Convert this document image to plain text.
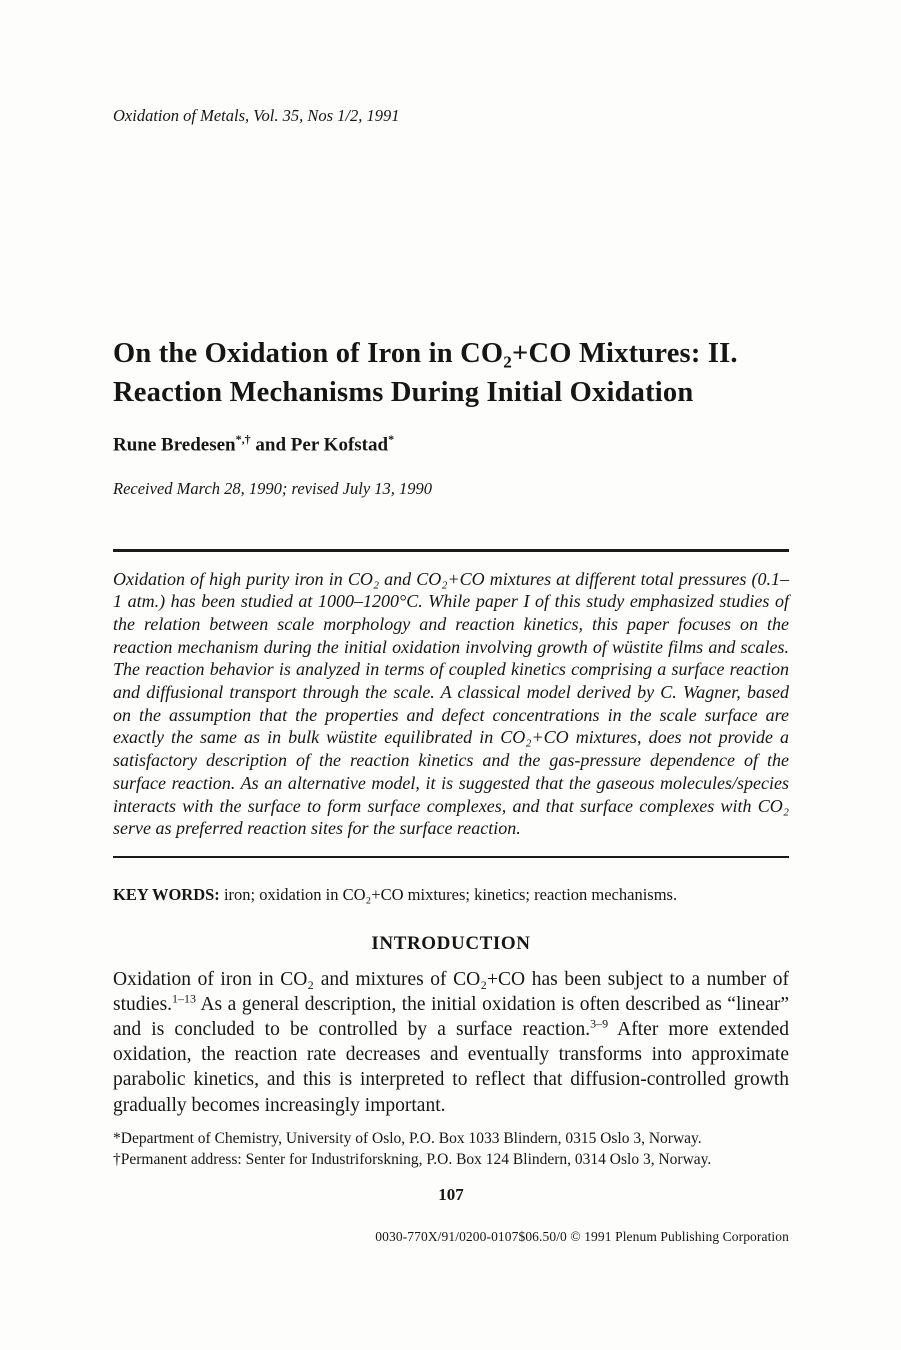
Oxidation of Metals, Vol. 35, Nos 1/2, 1991
On the Oxidation of Iron in CO₂+CO Mixtures: II.
Reaction Mechanisms During Initial Oxidation
Rune Bredesen*,† and Per Kofstad*
Received March 28, 1990; revised July 13, 1990

Oxidation of high purity iron in CO₂ and CO₂+CO mixtures at different total pressures (0.1–1 atm.) has been studied at 1000–1200°C. While paper I of this study emphasized studies of the relation between scale morphology and reaction kinetics, this paper focuses on the reaction mechanism during the initial oxidation involving growth of wüstite films and scales. The reaction behavior is analyzed in terms of coupled kinetics comprising a surface reaction and diffusional transport through the scale. A classical model derived by C. Wagner, based on the assumption that the properties and defect concentrations in the scale surface are exactly the same as in bulk wüstite equilibrated in CO₂+CO mixtures, does not provide a satisfactory description of the reaction kinetics and the gas-pressure dependence of the surface reaction. As an alternative model, it is suggested that the gaseous molecules/species interacts with the surface to form surface complexes, and that surface complexes with CO₂ serve as preferred reaction sites for the surface reaction.

KEY WORDS: iron; oxidation in CO₂+CO mixtures; kinetics; reaction mechanisms.

INTRODUCTION

Oxidation of iron in CO₂ and mixtures of CO₂+CO has been subject to a number of studies.$^{1-13}$ As a general description, the initial oxidation is often described as “linear” and is concluded to be controlled by a surface reaction.$^{3-9}$ After more extended oxidation, the reaction rate decreases and eventually transforms into approximate parabolic kinetics, and this is interpreted to reflect that diffusion-controlled growth gradually becomes increasingly important.

*Department of Chemistry, University of Oslo, P.O. Box 1033 Blindern, 0315 Oslo 3, Norway.
†Permanent address: Senter for Industriforskning, P.O. Box 124 Blindern, 0314 Oslo 3, Norway.
107
0030-770X/91/0200-0107$06.50/0 © 1991 Plenum Publishing Corporation
